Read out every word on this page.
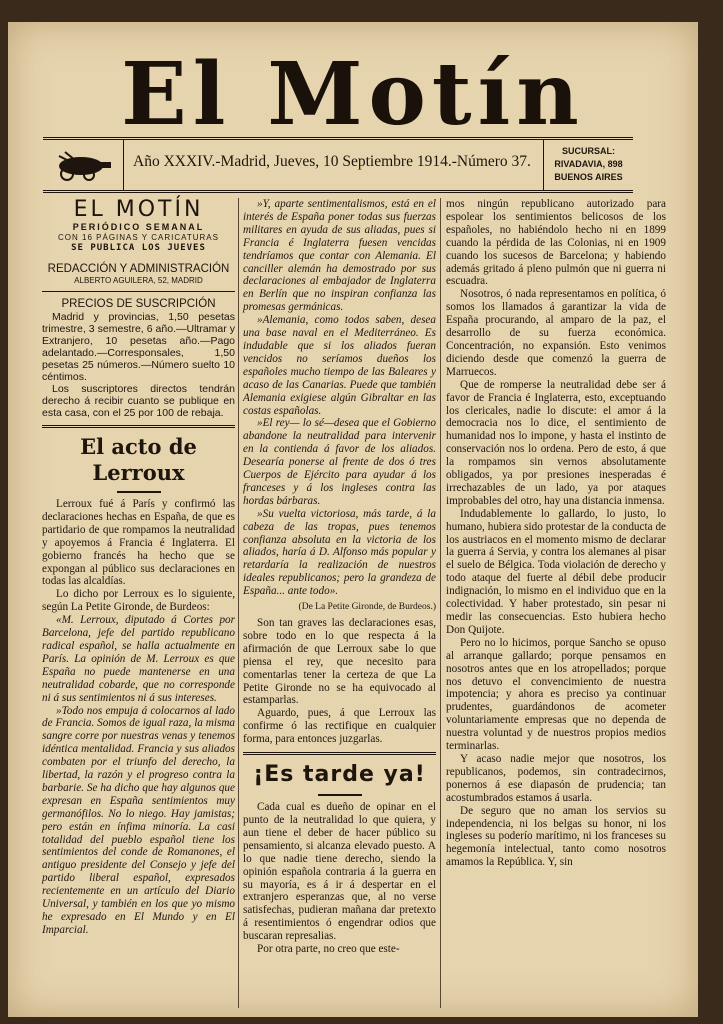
El Motín
Año XXXIV.-Madrid, Jueves, 10 Septiembre 1914.-Número 37.
SUCURSAL:
RIVADAVIA, 898
BUENOS AIRES
EL MOTÍN
PERIÓDICO SEMANAL
CON 16 PÁGINAS Y CARICATURAS
SE PUBLICA LOS JUEVES
REDACCIÓN Y ADMINISTRACIÓN
ALBERTO AGUILERA, 52, MADRID
PRECIOS DE SUSCRIPCIÓN

Madrid y provincias, 1,50 pesetas trimestre, 3 semestre, 6 año.—Ultramar y Extranjero, 10 pesetas año.—Pago adelantado.—Corresponsales, 1,50 pesetas 25 números.—Número suelto 10 céntimos.

Los suscriptores directos tendrán derecho á recibir cuanto se publique en esta casa, con el 25 por 100 de rebaja.

El acto de Lerroux

Lerroux fué á París y confirmó las declaraciones hechas en España, de que es partidario de que rompamos la neutralidad y apoyemos á Francia é Inglaterra. El gobierno francés ha hecho que se expongan al público sus declaraciones en todas las alcaldías.

Lo dicho por Lerroux es lo siguiente, según La Petite Gironde, de Burdeos:

«M. Lerroux, diputado á Cortes por Barcelona, jefe del partido republicano radical español, se halla actualmente en París. La opinión de M. Lerroux es que España no puede mantenerse en una neutralidad cobarde, que no corresponde ni á sus sentimientos ni á sus intereses.

»Todo nos empuja á colocarnos al lado de Francia. Somos de igual raza, la misma sangre corre por nuestras venas y tenemos idéntica mentalidad. Francia y sus aliados combaten por el triunfo del derecho, la libertad, la razón y el progreso contra la barbarie. Se ha dicho que hay algunos que expresan en España sentimientos muy germanófilos. No lo niego. Hay jamistas; pero están en ínfima minoría. La casi totalidad del pueblo español tiene los sentimientos del conde de Romanones, el antiguo presidente del Consejo y jefe del partido liberal español, expresados recientemente en un artículo del Diario Universal, y también en los que yo mismo he expresado en El Mundo y en El Imparcial.

»Y, aparte sentimentalismos, está en el interés de España poner todas sus fuerzas militares en ayuda de sus aliadas, pues si Francia é Inglaterra fuesen vencidas tendríamos que contar con Alemania. El canciller alemán ha demostrado por sus declaraciones al embajador de Inglaterra en Berlín que no inspiran confianza las promesas germánicas.

»Alemania, como todos saben, desea una base naval en el Mediterráneo. Es indudable que si los aliados fueran vencidos no seríamos dueños los españoles mucho tiempo de las Baleares y acaso de las Canarias. Puede que también Alemania exigiese algún Gibraltar en las costas españolas.

»El rey— lo sé—desea que el Gobierno abandone la neutralidad para intervenir en la contienda á favor de los aliados. Desearía ponerse al frente de dos ó tres Cuerpos de Ejército para ayudar á los franceses y á los ingleses contra las hordas bárbaras.

»Su vuelta victoriosa, más tarde, á la cabeza de las tropas, pues tenemos confianza absoluta en la victoria de los aliados, haría á D. Alfonso más popular y retardaría la realización de nuestros ideales republicanos; pero la grandeza de España... ante todo».

(De La Petite Gironde, de Burdeos.)

Son tan graves las declaraciones esas, sobre todo en lo que respecta á la afirmación de que Lerroux sabe lo que piensa el rey, que necesito para comentarlas tener la certeza de que La Petite Gironde no se ha equivocado al estamparlas.

Aguardo, pues, á que Lerroux las confirme ó las rectifique en cualquier forma, para entonces juzgarlas.

¡Es tarde ya!

Cada cual es dueño de opinar en el punto de la neutralidad lo que quiera, y aun tiene el deber de hacer público su pensamiento, si alcanza elevado puesto. A lo que nadie tiene derecho, siendo la opinión española contraria á la guerra en su mayoría, es á ir á despertar en el extranjero esperanzas que, al no verse satisfechas, pudieran mañana dar pretexto á resentimientos ó engendrar odios que buscaran represalias.

Por otra parte, no creo que este-

mos ningún republicano autorizado para espolear los sentimientos belicosos de los españoles, no habiéndolo hecho ni en 1899 cuando la pérdida de las Colonias, ni en 1909 cuando los sucesos de Barcelona; y habiendo además gritado á pleno pulmón que ni guerra ni escuadra.

Nosotros, ó nada representamos en política, ó somos los llamados á garantizar la vida de España procurando, al amparo de la paz, el desarrollo de su fuerza económica. Concentración, no expansión. Esto venimos diciendo desde que comenzó la guerra de Marruecos.

Que de romperse la neutralidad debe ser á favor de Francia é Inglaterra, esto, exceptuando los clericales, nadie lo discute: el amor á la democracia nos lo dice, el sentimiento de humanidad nos lo impone, y hasta el instinto de conservación nos lo ordena. Pero de esto, á que la rompamos sin vernos absolutamente obligados, ya por presiones inesperadas é irrechazables de un lado, ya por ataques improbables del otro, hay una distancia inmensa.

Indudablemente lo gallardo, lo justo, lo humano, hubiera sido protestar de la conducta de los austriacos en el momento mismo de declarar la guerra á Servia, y contra los alemanes al pisar el suelo de Bélgica. Toda violación de derecho y todo ataque del fuerte al débil debe producir indignación, lo mismo en el individuo que en la colectividad. Y haber protestado, sin pesar ni medir las consecuencias. Esto hubiera hecho Don Quijote.

Pero no lo hicimos, porque Sancho se opuso al arranque gallardo; porque pensamos en nosotros antes que en los atropellados; porque nos detuvo el convencimiento de nuestra impotencia; y ahora es preciso ya continuar prudentes, guardándonos de acometer voluntariamente empresas que no dependa de nuestra voluntad y de nuestros propios medios terminarlas.

Y acaso nadie mejor que nosotros, los republicanos, podemos, sin contradecirnos, ponernos á ese diapasón de prudencia; tan acostumbrados estamos á usarla.

De seguro que no aman los servios su independencia, ni los belgas su honor, ni los ingleses su poderío marítimo, ni los franceses su hegemonía intelectual, tanto como nosotros amamos la República. Y, sin
